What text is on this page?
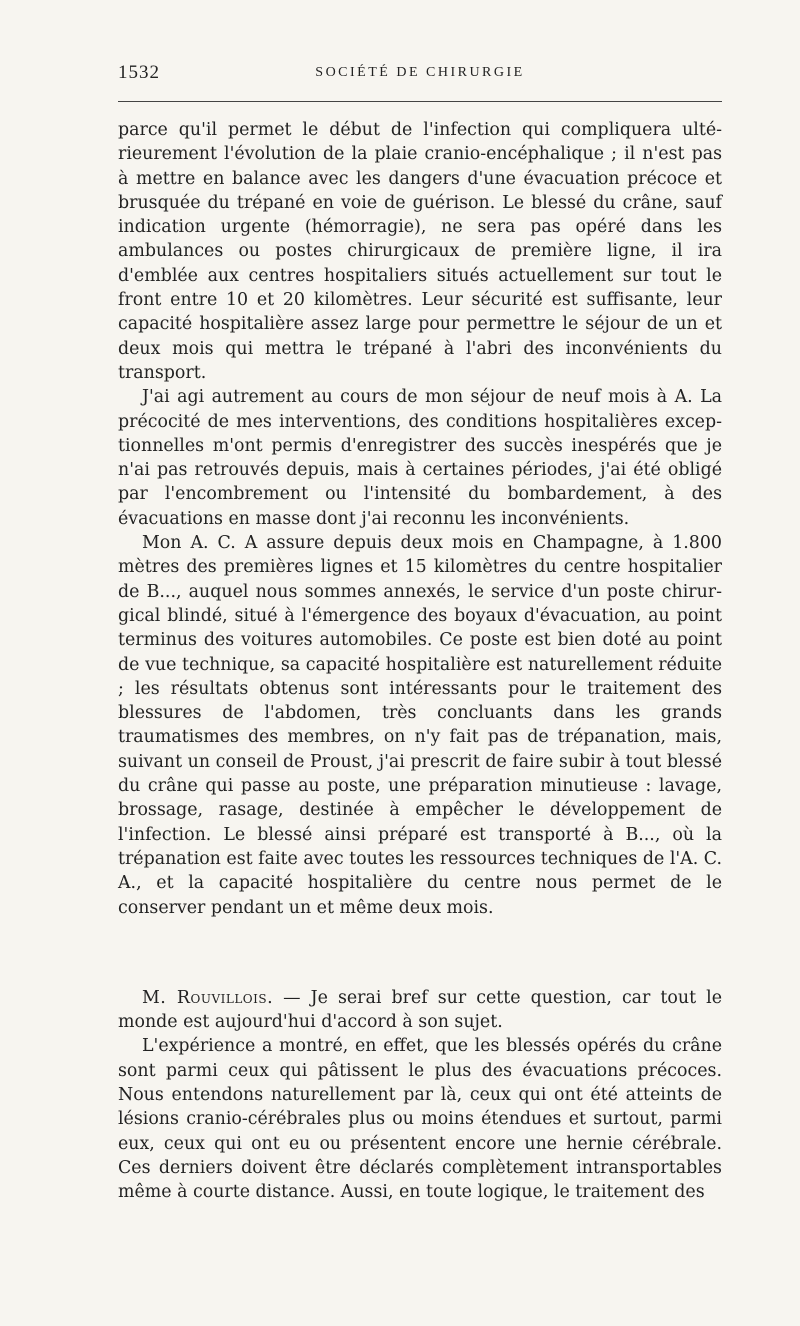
1532	SOCIÉTÉ DE CHIRURGIE

parce qu'il permet le début de l'infection qui compliquera ultérieurement l'évolution de la plaie cranio-encéphalique ; il n'est pas à mettre en balance avec les dangers d'une évacuation précoce et brusquée du trépané en voie de guérison. Le blessé du crâne, sauf indication urgente (hémorragie), ne sera pas opéré dans les ambulances ou postes chirurgicaux de première ligne, il ira d'emblée aux centres hospitaliers situés actuellement sur tout le front entre 10 et 20 kilomètres. Leur sécurité est suffisante, leur capacité hospitalière assez large pour permettre le séjour de un et deux mois qui mettra le trépané à l'abri des inconvénients du transport.

J'ai agi autrement au cours de mon séjour de neuf mois à A. La précocité de mes interventions, des conditions hospitalières exceptionnelles m'ont permis d'enregistrer des succès inespérés que je n'ai pas retrouvés depuis, mais à certaines périodes, j'ai été obligé par l'encombrement ou l'intensité du bombardement, à des évacuations en masse dont j'ai reconnu les inconvénients.

Mon A. C. A assure depuis deux mois en Champagne, à 1.800 mètres des premières lignes et 15 kilomètres du centre hospitalier de B..., auquel nous sommes annexés, le service d'un poste chirurgical blindé, situé à l'émergence des boyaux d'évacuation, au point terminus des voitures automobiles. Ce poste est bien doté au point de vue technique, sa capacité hospitalière est naturellement réduite ; les résultats obtenus sont intéressants pour le traitement des blessures de l'abdomen, très concluants dans les grands traumatismes des membres, on n'y fait pas de trépanation, mais, suivant un conseil de Proust, j'ai prescrit de faire subir à tout blessé du crâne qui passe au poste, une préparation minutieuse : lavage, brossage, rasage, destinée à empêcher le développement de l'infection. Le blessé ainsi préparé est transporté à B..., où la trépanation est faite avec toutes les ressources techniques de l'A. C. A., et la capacité hospitalière du centre nous permet de le conserver pendant un et même deux mois.

M. Rouvillois. — Je serai bref sur cette question, car tout le monde est aujourd'hui d'accord à son sujet.

L'expérience a montré, en effet, que les blessés opérés du crâne sont parmi ceux qui pâtissent le plus des évacuations précoces. Nous entendons naturellement par là, ceux qui ont été atteints de lésions cranio-cérébrales plus ou moins étendues et surtout, parmi eux, ceux qui ont eu ou présentent encore une hernie cérébrale. Ces derniers doivent être déclarés complètement intransportables même à courte distance. Aussi, en toute logique, le traitement des
